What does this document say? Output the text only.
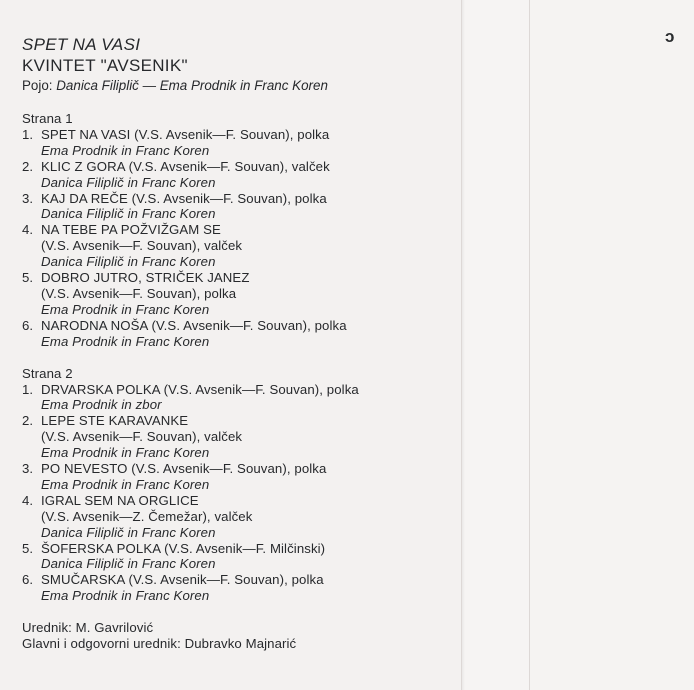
SPET NA VASI
KVINTET "AVSENIK"
Pojo: Danica Filiplič — Ema Prodnik in Franc Koren
Strana 1
1. SPET NA VASI (V.S. Avsenik—F. Souvan), polka
Ema Prodnik in Franc Koren
2. KLIC Z GORA (V.S. Avsenik—F. Souvan), valček
Danica Filiplič in Franc Koren
3. KAJ DA REČE (V.S. Avsenik—F. Souvan), polka
Danica Filiplič in Franc Koren
4. NA TEBE PA POŽVIŽGAM SE
(V.S. Avsenik—F. Souvan), valček
Danica Filiplič in Franc Koren
5. DOBRO JUTRO, STRIČEK JANEZ
(V.S. Avsenik—F. Souvan), polka
Ema Prodnik in Franc Koren
6. NARODNA NOŠA (V.S. Avsenik—F. Souvan), polka
Ema Prodnik in Franc Koren
Strana 2
1. DRVARSKA POLKA (V.S. Avsenik—F. Souvan), polka
Ema Prodnik in zbor
2. LEPE STE KARAVANKE
(V.S. Avsenik—F. Souvan), valček
Ema Prodnik in Franc Koren
3. PO NEVESTO (V.S. Avsenik—F. Souvan), polka
Ema Prodnik in Franc Koren
4. IGRAL SEM NA ORGLICE
(V.S. Avsenik—Z. Čemežar), valček
Danica Filiplič in Franc Koren
5. ŠOFERSKA POLKA (V.S. Avsenik—F. Milčinski)
Danica Filiplič in Franc Koren
6. SMUČARSKA (V.S. Avsenik—F. Souvan), polka
Ema Prodnik in Franc Koren
Urednik: M. Gavrilović
Glavni i odgovorni urednik: Dubravko Majnarić
ɔ
